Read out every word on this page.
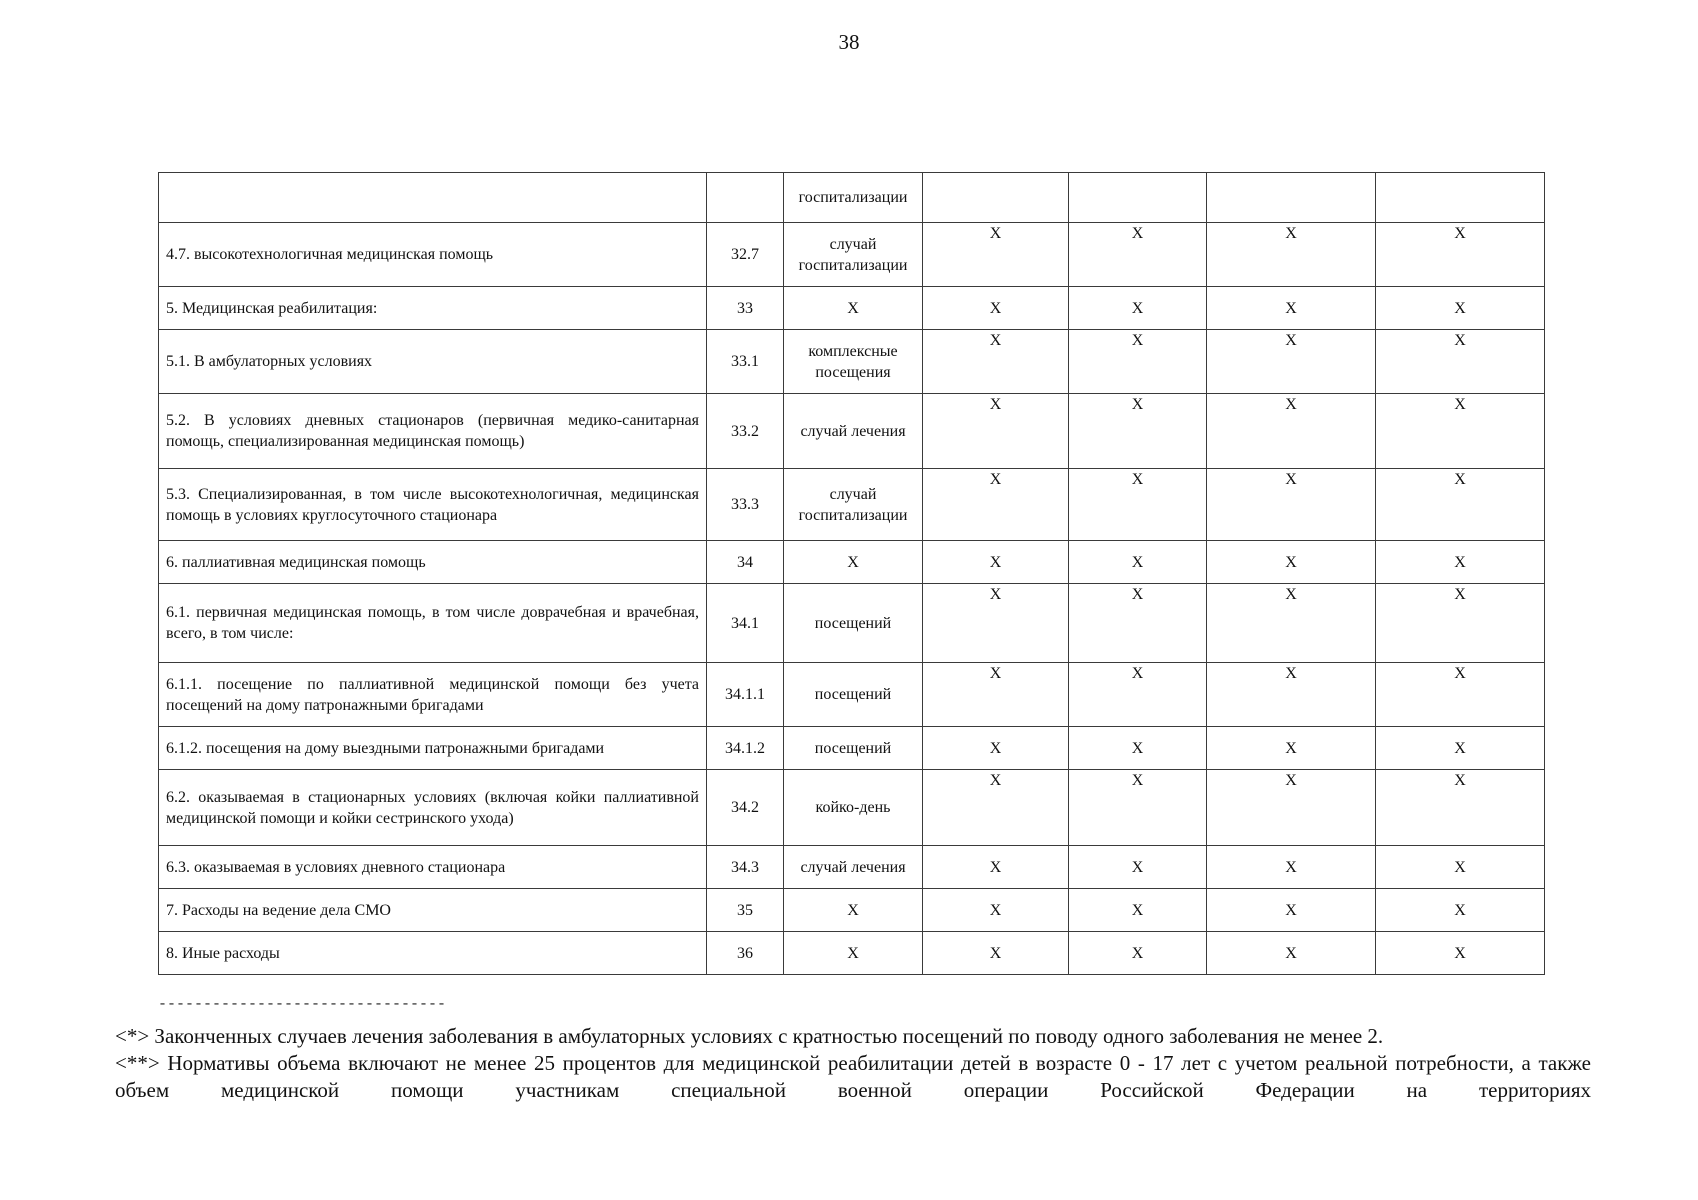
38
		госпитализации				
4.7. высокотехнологичная медицинская помощь	32.7	случай госпитализации	X	X	X	X
5. Медицинская реабилитация:	33	X	X	X	X	X
5.1. В амбулаторных условиях	33.1	комплексные посещения	X	X	X	X
5.2. В условиях дневных стационаров (первичная медико-санитарная помощь, специализированная медицинская помощь)	33.2	случай лечения	X	X	X	X
5.3. Специализированная, в том числе высокотехнологичная, медицинская помощь в условиях круглосуточного стационара	33.3	случай госпитализации	X	X	X	X
6. паллиативная медицинская помощь	34	X	X	X	X	X
6.1. первичная медицинская помощь, в том числе доврачебная и врачебная, всего, в том числе:	34.1	посещений	X	X	X	X
6.1.1. посещение по паллиативной медицинской помощи без учета посещений на дому патронажными бригадами	34.1.1	посещений	X	X	X	X
6.1.2. посещения на дому выездными патронажными бригадами	34.1.2	посещений	X	X	X	X
6.2. оказываемая в стационарных условиях (включая койки паллиативной медицинской помощи и койки сестринского ухода)	34.2	койко-день	X	X	X	X
6.3. оказываемая в условиях дневного стационара	34.3	случай лечения	X	X	X	X
7. Расходы на ведение дела СМО	35	X	X	X	X	X
8. Иные расходы	36	X	X	X	X	X
--------------------------------

<*> Законченных случаев лечения заболевания в амбулаторных условиях с кратностью посещений по поводу одного заболевания не менее 2.

<**> Нормативы объема включают не менее 25 процентов для медицинской реабилитации детей в возрасте 0 - 17 лет с учетом реальной потребности, а также объем медицинской помощи участникам специальной военной операции Российской Федерации на территориях
